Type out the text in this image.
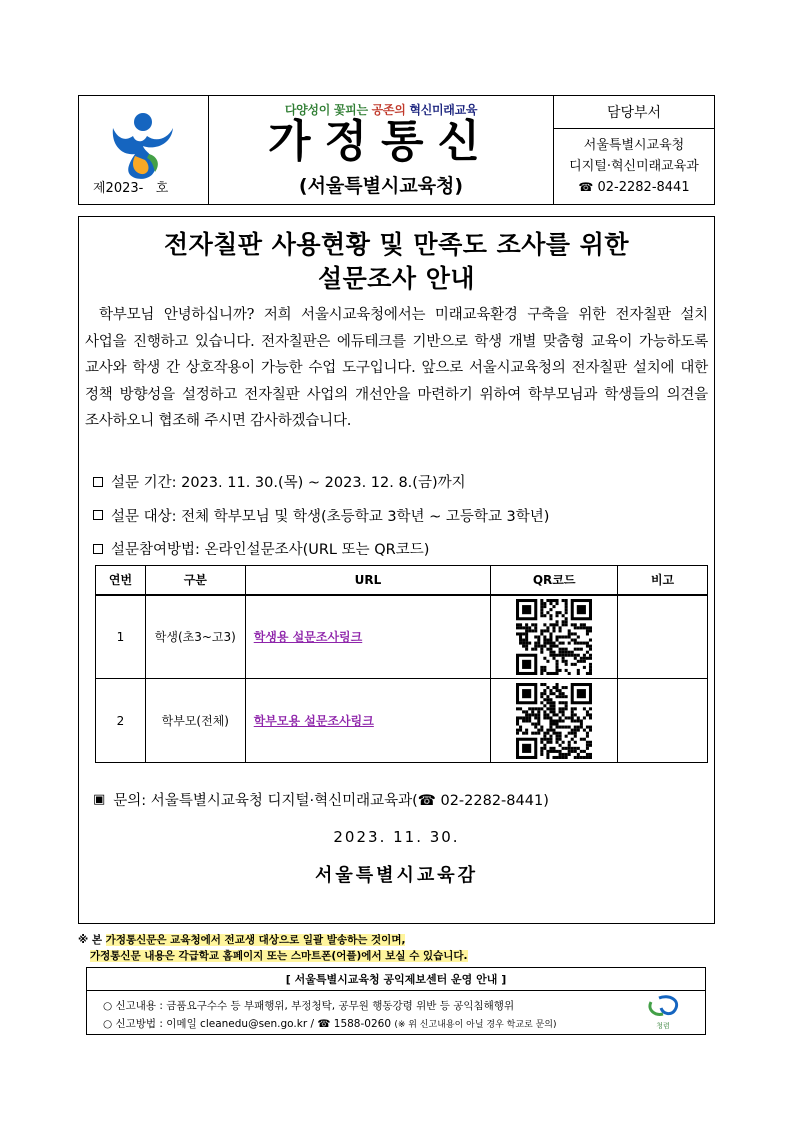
제2023-   호
다양성이 꽃피는 공존의 혁신미래교육
가정통신
(서울특별시교육청)
담당부서
서울특별시교육청
디지털·혁신미래교육과
☎ 02-2282-8441
전자칠판 사용현황 및 만족도 조사를 위한
설문조사 안내

학부모님 안녕하십니까? 저희 서울시교육청에서는 미래교육환경 구축을 위한 전자칠판 설치 사업을 진행하고 있습니다. 전자칠판은 에듀테크를 기반으로 학생 개별 맞춤형 교육이 가능하도록 교사와 학생 간 상호작용이 가능한 수업 도구입니다. 앞으로 서울시교육청의 전자칠판 설치에 대한 정책 방향성을 설정하고 전자칠판 사업의 개선안을 마련하기 위하여 학부모님과 학생들의 의견을 조사하오니 협조해 주시면 감사하겠습니다.

설문 기간: 2023. 11. 30.(목) ~ 2023. 12. 8.(금)까지
설문 대상: 전체 학부모님 및 학생(초등학교 3학년 ~ 고등학교 3학년)
설문참여방법: 온라인설문조사(URL 또는 QR코드)
연번	구분	URL	QR코드	비고
1	학생(초3~고3)	학생용 설문조사링크	

2	학부모(전체)	학부모용 설문조사링크	

▣ 문의: 서울특별시교육청 디지털·혁신미래교육과(☎ 02-2282-8441)
2023. 11. 30.
서울특별시교육감
※ 본 가정통신문은 교육청에서 전교생 대상으로 일괄 발송하는 것이며,
가정통신문 내용은 각급학교 홈페이지 또는 스마트폰(어플)에서 보실 수 있습니다.
[ 서울특별시교육청 공익제보센터 운영 안내 ]
○ 신고내용 : 금품요구수수 등 부패행위, 부정청탁, 공무원 행동강령 위반 등 공익침해행위
○ 신고방법 : 이메일 cleanedu@sen.go.kr / ☎ 1588-0260 (※ 위 신고내용이 아닐 경우 학교로 문의)	청렴
